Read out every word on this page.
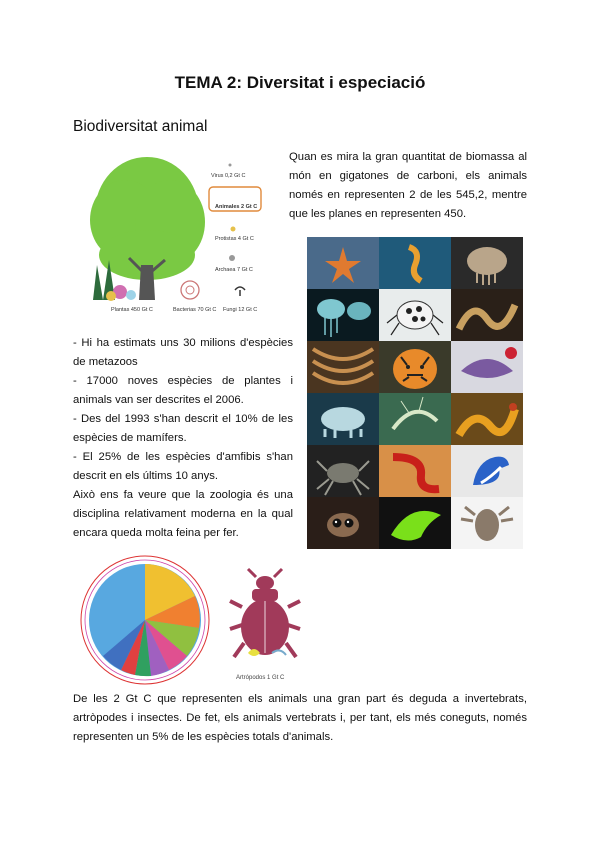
TEMA 2: Diversitat i especiació
Biodiversitat animal
Virus 0,2 Gt C
Animales 2 Gt C
Protistas 4 Gt C
Archaea 7 Gt C
Plantas 450 Gt C	Bacterias 70 Gt C Fungi 12 Gt C
Quan es mira la gran quantitat de biomassa al món en gigatones de carboni, els animals només en representen 2 de les 545,2, mentre que les planes en representen 450.

- Hi ha estimats uns 30 milions d'espècies de metazoos

- 17000 noves espècies de plantes i animals van ser descrites el 2006.

- Des del 1993 s'han descrit el 10% de les espècies de mamífers.

- El 25% de les espècies d'amfibis s'han descrit en els últims 10 anys.

Això ens fa veure que la zoologia és una disciplina relativament moderna en la qual encara queda molta feina per fer.

Artrópodos 1 Gt C
De les 2 Gt C que representen els animals una gran part és deguda a invertebrats, artròpodes i insectes. De fet, els animals vertebrats i, per tant, els més coneguts, només representen un 5% de les espècies totals d'animals.
